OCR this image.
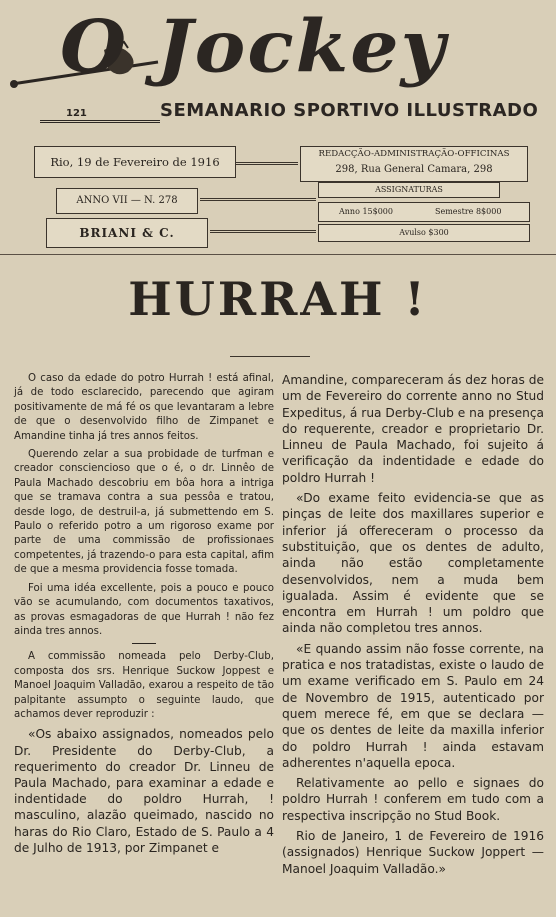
O Jockey
121	SEMANARIO SPORTIVO ILLUSTRADO
Rio, 19 de Fevereiro de 1916
ANNO VII — N. 278
BRIANI & C.
REDACÇÃO-ADMINISTRAÇÃO-OFFICINAS
298, Rua General Camara, 298
ASSIGNATURAS
Anno 15$000	Semestre 8$000
Avulso $300
HURRAH !

O caso da edade do potro Hurrah ! está afinal, já de todo esclarecido, parecendo que agiram positivamente de má fé os que levantaram a lebre de que o desenvolvido filho de Zimpanet e Amandine tinha já tres annos feitos.

Querendo zelar a sua probidade de turfman e creador consciencioso que o é, o dr. Linnêo de Paula Machado descobriu em bôa hora a intriga que se tramava contra a sua pessôa e tratou, desde logo, de destruil-a, já submettendo em S. Paulo o referido potro a um rigoroso exame por parte de uma commissão de profissionaes competentes, já trazendo-o para esta capital, afim de que a mesma providencia fosse tomada.

Foi uma idéa excellente, pois a pouco e pouco vão se acumulando, com documentos taxativos, as provas esmagadoras de que Hurrah ! não fez ainda tres annos.

A commissão nomeada pelo Derby-Club, composta dos srs. Henrique Suckow Joppest e Manoel Joaquim Valladão, exarou a respeito de tão palpitante assumpto o seguinte laudo, que achamos dever reproduzir :

«Os abaixo assignados, nomeados pelo Dr. Presidente do Derby-Club, a requerimento do creador Dr. Linneu de Paula Machado, para examinar a edade e indentidade do poldro Hurrah, ! masculino, alazão queimado, nascido no haras do Rio Claro, Estado de S. Paulo a 4 de Julho de 1913, por Zimpanet e

Amandine, compareceram ás dez horas de um de Fevereiro do corrente anno no Stud Expeditus, á rua Derby-Club e na presença do requerente, creador e proprietario Dr. Linneu de Paula Machado, foi sujeito á verificação da indentidade e edade do poldro Hurrah !

«Do exame feito evidencia-se que as pinças de leite dos maxillares superior e inferior já offereceram o processo da substituição, que os dentes de adulto, ainda não estão completamente desenvolvidos, nem a muda bem igualada. Assim é evidente que se encontra em Hurrah ! um poldro que ainda não completou tres annos.

«E quando assim não fosse corrente, na pratica e nos tratadistas, existe o laudo de um exame verificado em S. Paulo em 24 de Novembro de 1915, autenticado por quem merece fé, em que se declara — que os dentes de leite da maxilla inferior do poldro Hurrah ! ainda estavam adherentes n'aquella epoca.

Relativamente ao pello e signaes do poldro Hurrah ! conferem em tudo com a respectiva inscripção no Stud Book.

Rio de Janeiro, 1 de Fevereiro de 1916 (assignados) Henrique Suckow Joppert — Manoel Joaquim Valladão.»
